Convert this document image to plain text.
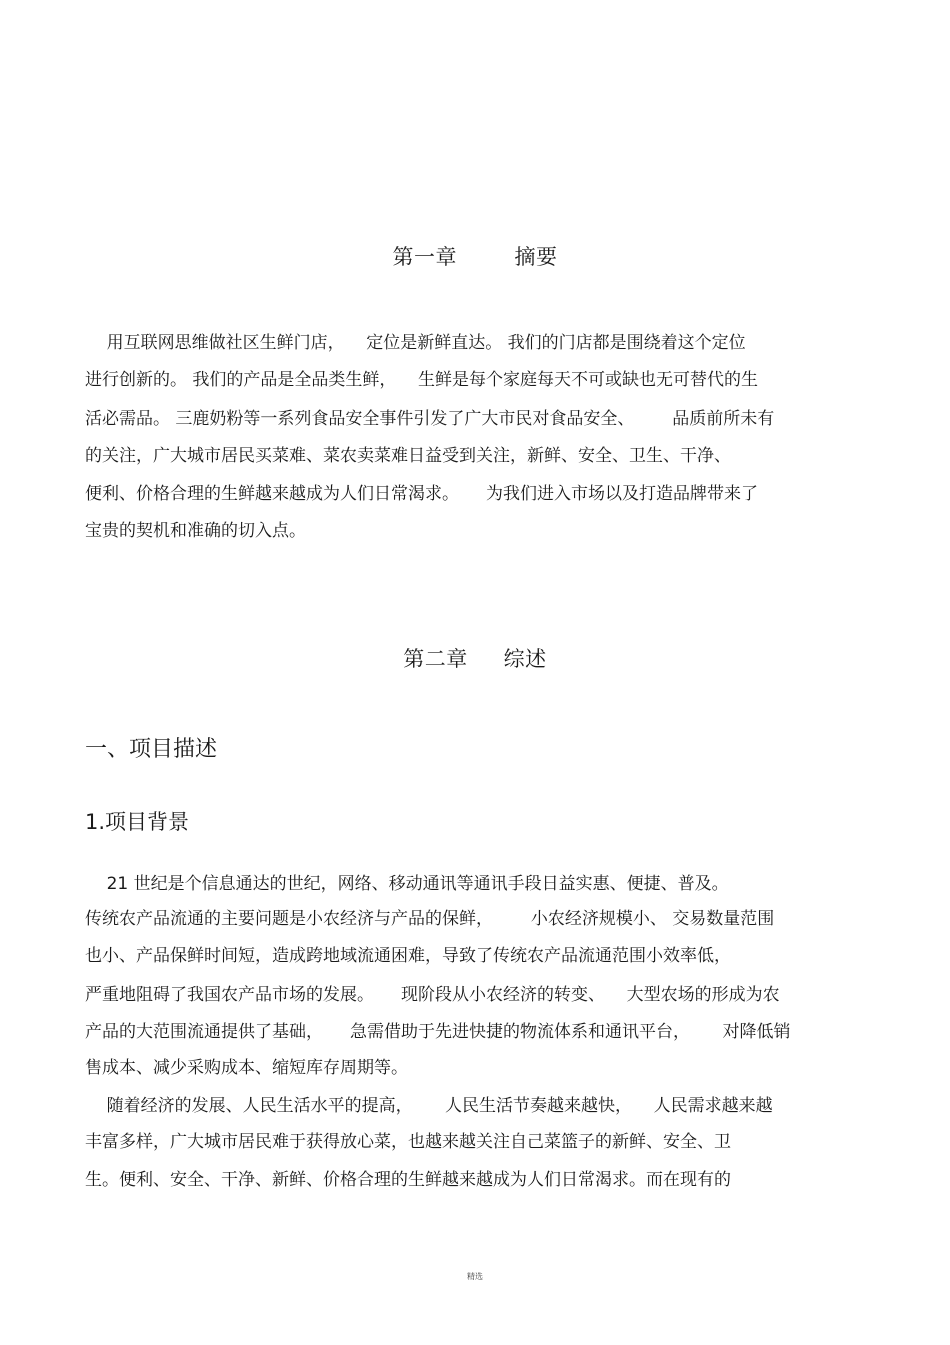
第一章        摘要
用互联网思维做社区生鲜门店，    定位是新鲜直达。 我们的门店都是围绕着这个定位
进行创新的。 我们的产品是全品类生鲜，    生鲜是每个家庭每天不可或缺也无可替代的生
活必需品。 三鹿奶粉等一系列食品安全事件引发了广大市民对食品安全、       品质前所未有
的关注，广大城市居民买菜难、菜农卖菜难日益受到关注，新鲜、安全、卫生、干净、
便利、价格合理的生鲜越来越成为人们日常渴求。     为我们进入市场以及打造品牌带来了
宝贵的契机和准确的切入点。
第二章     综述
一、项目描述
1.项目背景
21 世纪是个信息通达的世纪，网络、移动通讯等通讯手段日益实惠、便捷、普及。
传统农产品流通的主要问题是小农经济与产品的保鲜，       小农经济规模小、 交易数量范围
也小、产品保鲜时间短，造成跨地域流通困难，导致了传统农产品流通范围小效率低，
严重地阻碍了我国农产品市场的发展。     现阶段从小农经济的转变、    大型农场的形成为农
产品的大范围流通提供了基础，     急需借助于先进快捷的物流体系和通讯平台，      对降低销
售成本、减少采购成本、缩短库存周期等。
随着经济的发展、人民生活水平的提高，      人民生活节奏越来越快，    人民需求越来越
丰富多样，广大城市居民难于获得放心菜，也越来越关注自己菜篮子的新鲜、安全、卫
生。便利、安全、干净、新鲜、价格合理的生鲜越来越成为人们日常渴求。而在现有的
精选
